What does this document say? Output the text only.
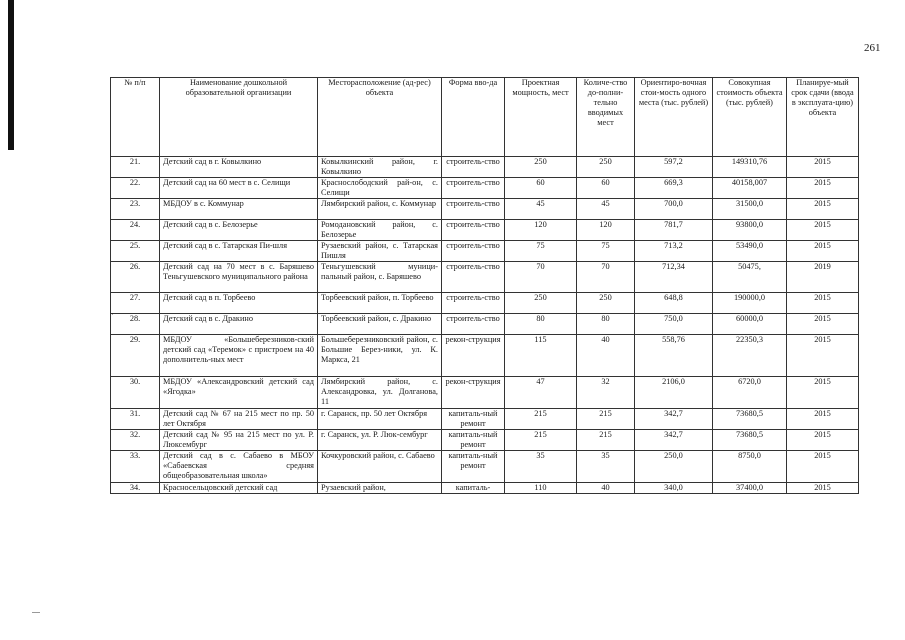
261
№ п/п	Наименование дошкольной образовательной организации	Месторасположение (ад-рес) объекта	Форма вво-да	Проектная мощность, мест	Количе-ство до-полни-тельно вводимых мест	Ориентиро-вочная стои-мость одного места (тыс. рублей)	Совокупная стоимость объекта (тыс. рублей)	Планируе-мый срок сдачи (ввода в эксплуата-цию) объекта
21.	Детский сад в г. Ковылкино	Ковылкинский район, г. Ковылкино	строитель-ство	250	250	597,2	149310,76	2015
22.	Детский сад на 60 мест в с. Селищи	Краснослободский рай-он, с. Селищи	строитель-ство	60	60	669,3	40158,007	2015
23.	МБДОУ в с. Коммунар	Лямбирский район, с. Коммунар	строитель-ство	45	45	700,0	31500,0	2015
24.	Детский сад в с. Белозерье	Ромодановский район, с. Белозерье	строитель-ство	120	120	781,7	93800,0	2015
25.	Детский сад в с. Татарская Пи-шля	Рузаевский район, с. Татарская Пишля	строитель-ство	75	75	713,2	53490,0	2015
26.	Детский сад на 70 мест в с. Баряшево Теньгушевского муниципального района	Теньгушевский муници-пальный район, с. Баряшево	строитель-ство	70	70	712,34	50475,	2019
27.	Детский сад в п. Торбеево	Торбеевский район, п. Торбеево	строитель-ство	250	250	648,8	190000,0	2015
28.	Детский сад в с. Дракино	Торбеевский район, с. Дракино	строитель-ство	80	80	750,0	60000,0	2015
29.	МБДОУ «Большеберезников-ский детский сад «Теремок» с пристроем на 40 дополнитель-ных мест	Большеберезниковский район, с. Большие Берез-ники, ул. К. Маркса, 21	рекон-струкция	115	40	558,76	22350,3	2015
30.	МБДОУ «Александровский детский сад «Ягодка»	Лямбирский район, с. Александровка, ул. Долганова, 11	рекон-струкция	47	32	2106,0	6720,0	2015
31.	Детский сад № 67 на 215 мест по пр. 50 лет Октября	г. Саранск, пр. 50 лет Октября	капиталь-ный ремонт	215	215	342,7	73680,5	2015
32.	Детский сад № 95 на 215 мест по ул. Р. Люксембург	г. Саранск, ул. Р. Люк-сембург	капиталь-ный ремонт	215	215	342,7	73680,5	2015
33.	Детский сад в с. Сабаево в МБОУ «Сабаевская средняя общеобразовательная школа»	Кочкуровский район, с. Сабаево	капиталь-ный ремонт	35	35	250,0	8750,0	2015
34.	Красносельцовский детский сад	Рузаевский район,	капиталь-	110	40	340,0	37400,0	2015
·
